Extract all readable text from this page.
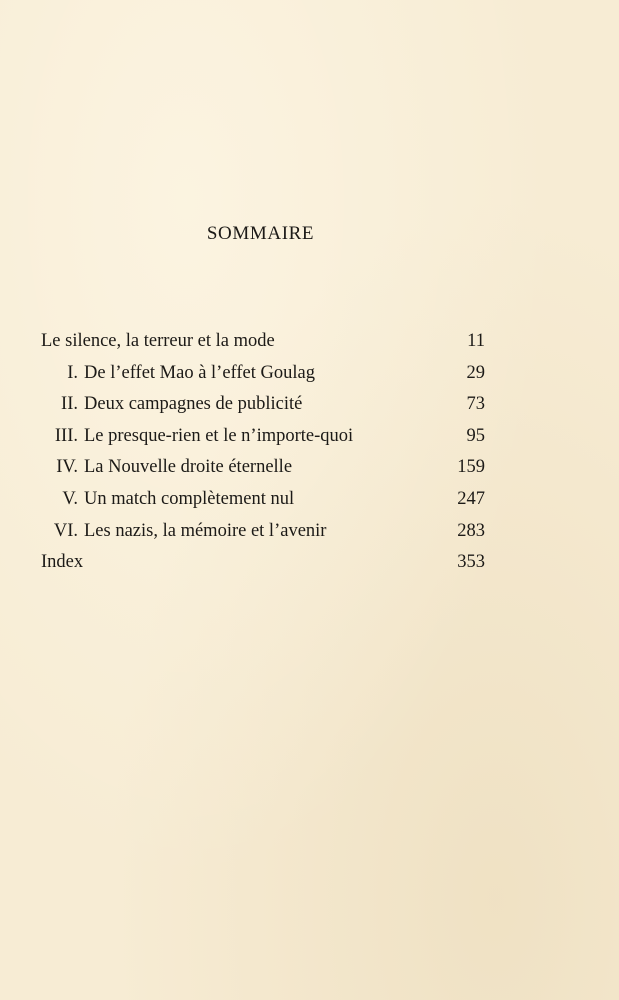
SOMMAIRE
Le silence, la terreur et la mode	11
I. De l’effet Mao à l’effet Goulag	29
II. Deux campagnes de publicité	73
III. Le presque-rien et le n’importe-quoi	95
IV. La Nouvelle droite éternelle	159
V. Un match complètement nul	247
VI. Les nazis, la mémoire et l’avenir	283
Index	353
